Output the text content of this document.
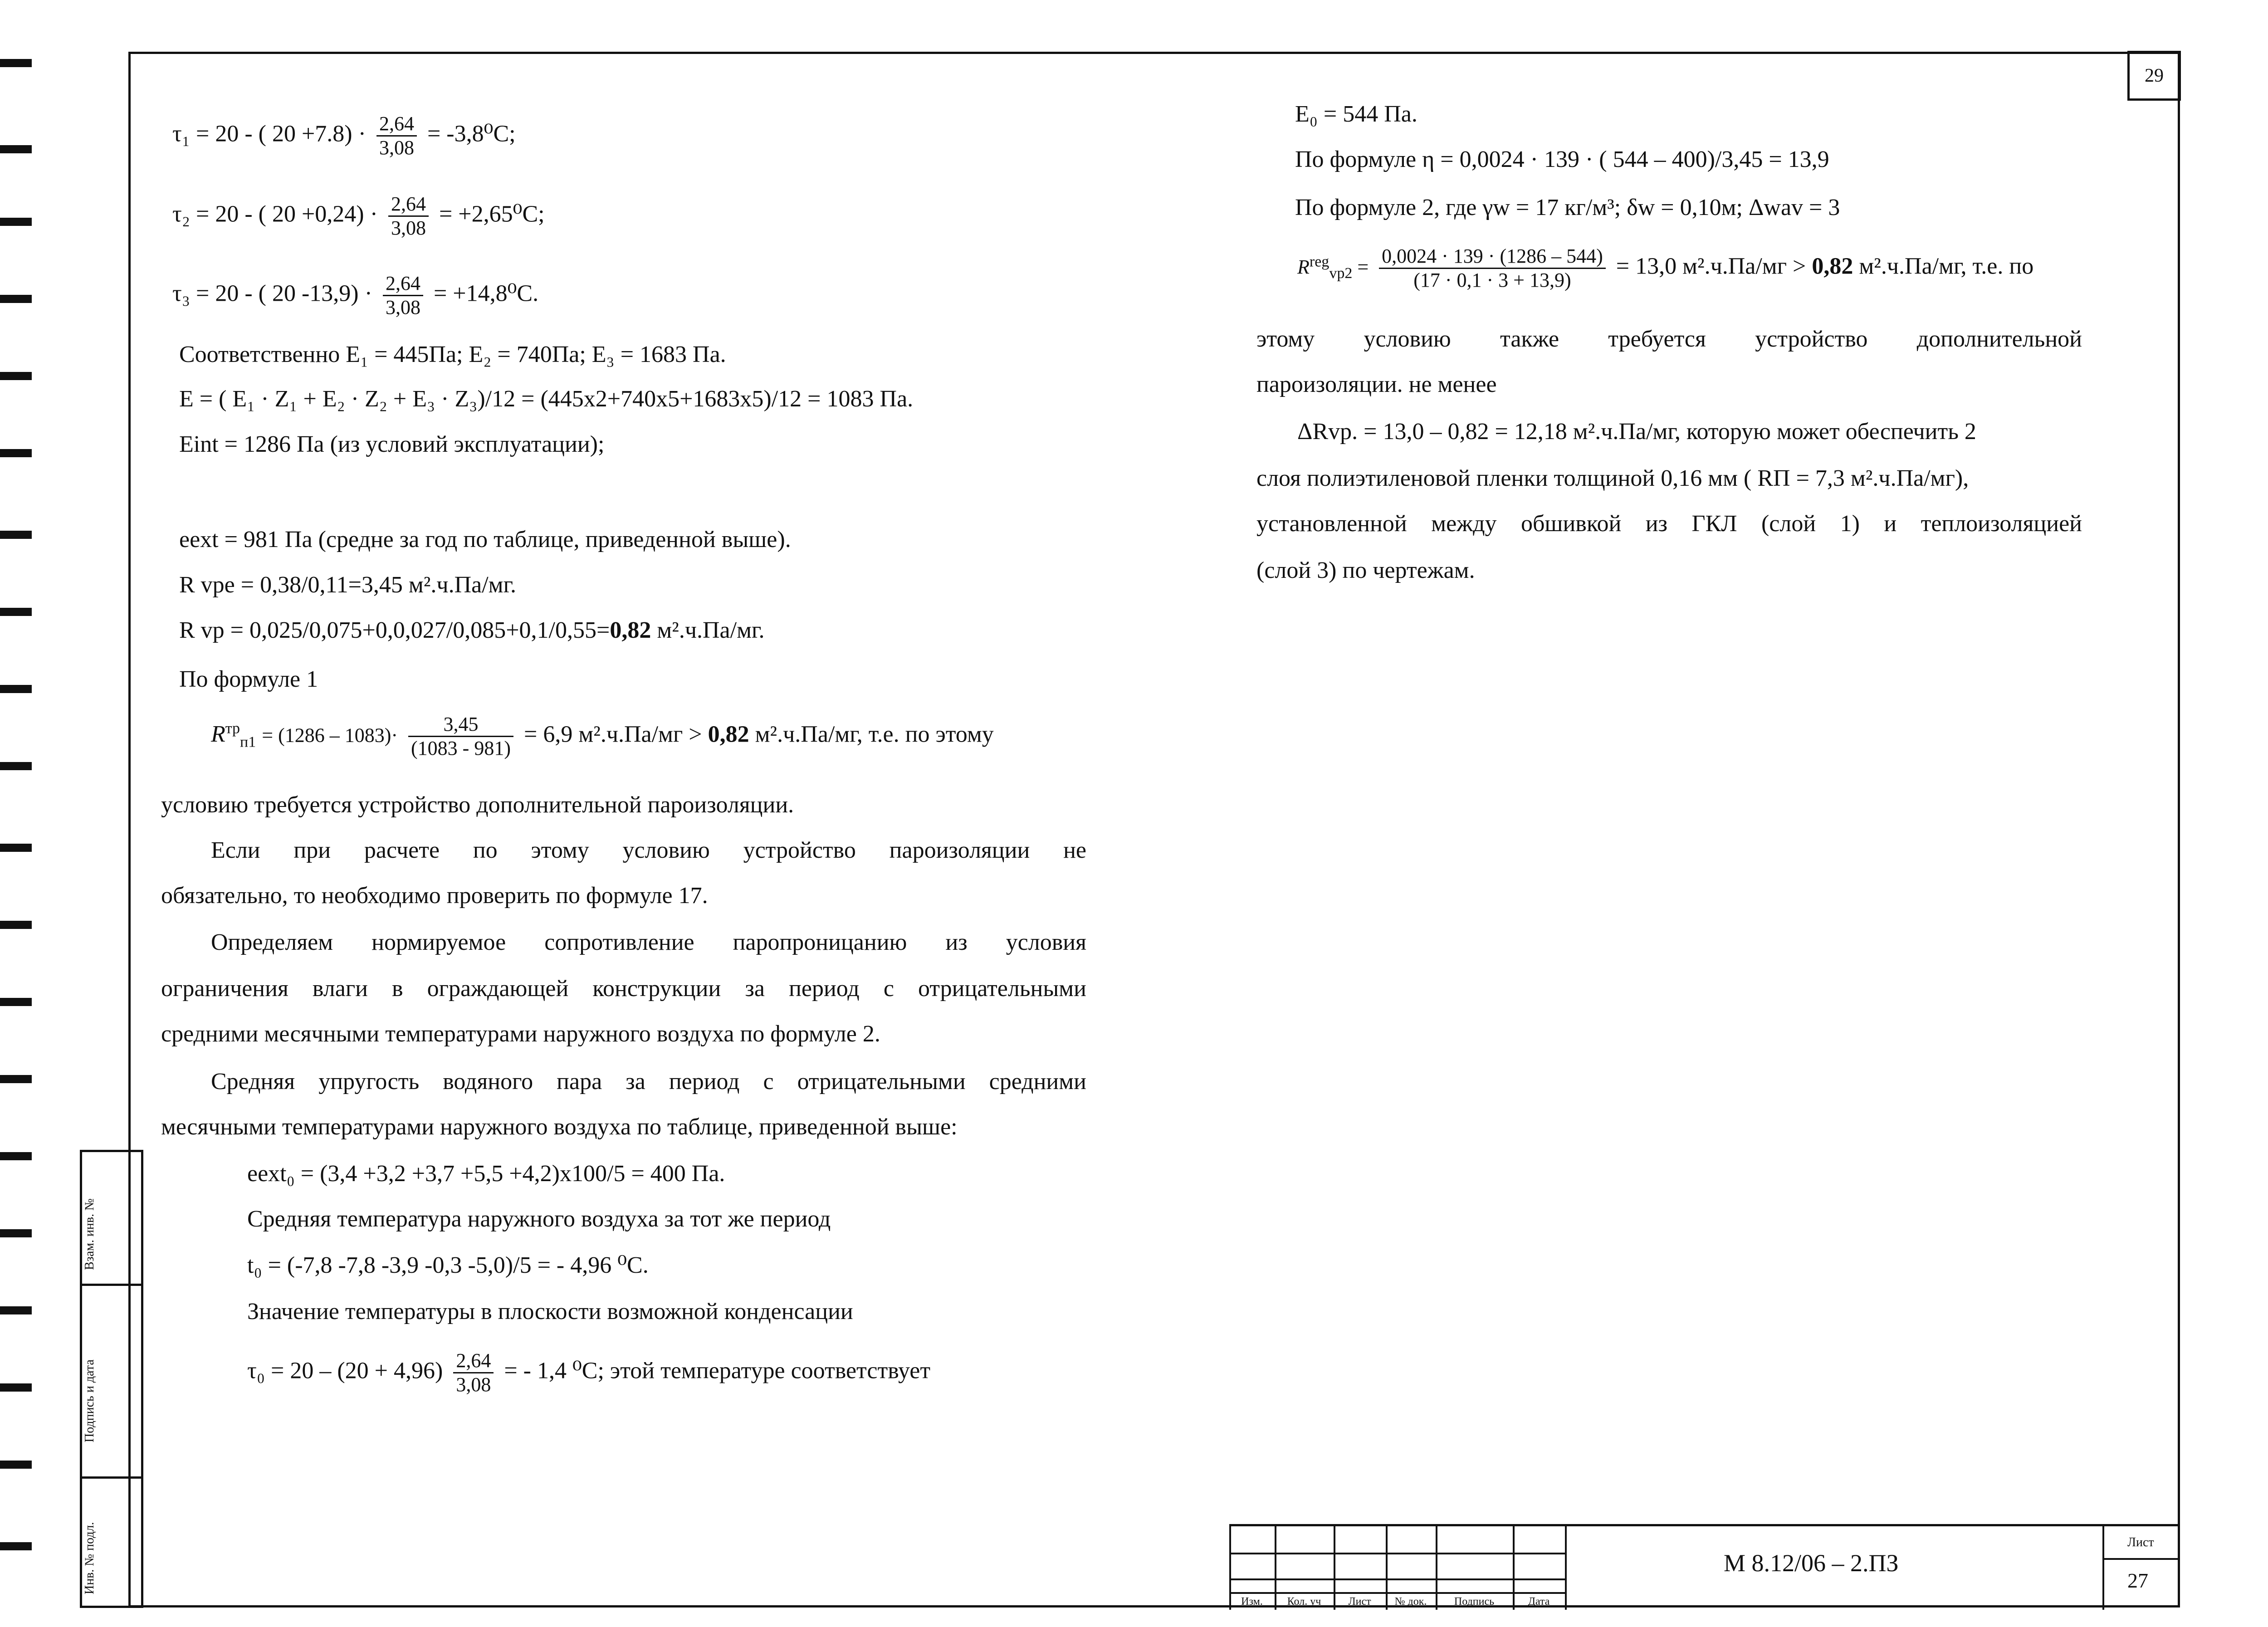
29
τ₁ = 20 - ( $20 +7.8) \cdot \frac{2,64}{3,08} = -3,8^0С$;
τ₂ = 20 - ( $20 +0,24) \cdot \frac{2,64}{3,08} = +2,65^0С$;
τ₃ = 20 - ( 20 $-13,9) \cdot \frac{2,64}{3,08} = +14,8^0С$.
Соответственно E₁ = 445Па; E₂ = 740Па; E₃ = 1683 Па.
E = ( E₁ · Z₁ + E₂ · Z₂ + E₃ · Z₃)/12 = (445x2+740x5+1683x5)/12 = 1083 Па.
Eint = 1286 Па (из условий эксплуатации);
eext = 981 Па (средне за год по таблице, приведенной выше).
R vpe = 0,38/0,11=3,45 м².ч.Па/мг.
R vp = 0,025/0,075+0,0,027/0,085+0,1/0,55=0,82 м².ч.Па/мг.
По формуле 1
$R^{тр}_{п1} = (1286 - 1083)\cdot \frac{3,45}{(1083 - 981)} = 6,9$ м².ч.Па/мг > 0,82 м².ч.Па/мг, т.е. по этому
условию требуется устройство дополнительной пароизоляции.
Если при расчете по этому условию устройство пароизоляции не
обязательно, то необходимо проверить по формуле 17.
Определяем нормируемое сопротивление паропроницанию из условия
ограничения влаги в ограждающей конструкции за период с отрицательными
средними месячными температурами наружного воздуха по формуле 2.
Средняя упругость водяного пара за период с отрицательными средними
месячными температурами наружного воздуха по таблице, приведенной выше:
eext₀ = (3,4 +3,2 +3,7 +5,5 +4,2)x100/5 = 400 Па.
Средняя температура наружного воздуха за тот же период
t₀ = (-7,8 -7,8 -3,9 -0,3 -5,0)/5 = - 4,96 ⁰С.
Значение температуры в плоскости возможной конденсации
$\tau_0 = 20 - (20 + 4,96) \frac{2,64}{3,08}$ = - 1,4 ⁰С; этой температуре соответствует
E₀ = 544 Па.
По формуле η = 0,0024 · 139 · ( 544 – 400)/3,45 = 13,9
По формуле 2, где γw = 17 кг/м³; δw = 0,10м; Δwav = 3
$R^{reg}_{vp2} = \frac{0,0024 \cdot 139 \cdot (1286 - 544)}{(17 \cdot 0,1 \cdot 3 + 13,9)} = 13,0$ м².ч.Па/мг > 0,82 м².ч.Па/мг, т.е. по
этому условию также требуется устройство дополнительной
пароизоляции. не менее
ΔRvp. = 13,0 – 0,82 = 12,18 м².ч.Па/мг, которую может обеспечить 2
слоя полиэтиленовой пленки толщиной 0,16 мм ( RП = 7,3 м².ч.Па/мг),
установленной между обшивкой из ГКЛ (слой 1) и теплоизоляцией
(слой 3) по чертежам.
Взам. инв. №
Подпись и дата
Инв. № подл.
Изм.	Кол. уч	Лист	№ док.	Подпись	Дата
М 8.12/06 – 2.ПЗ
Лист
27
